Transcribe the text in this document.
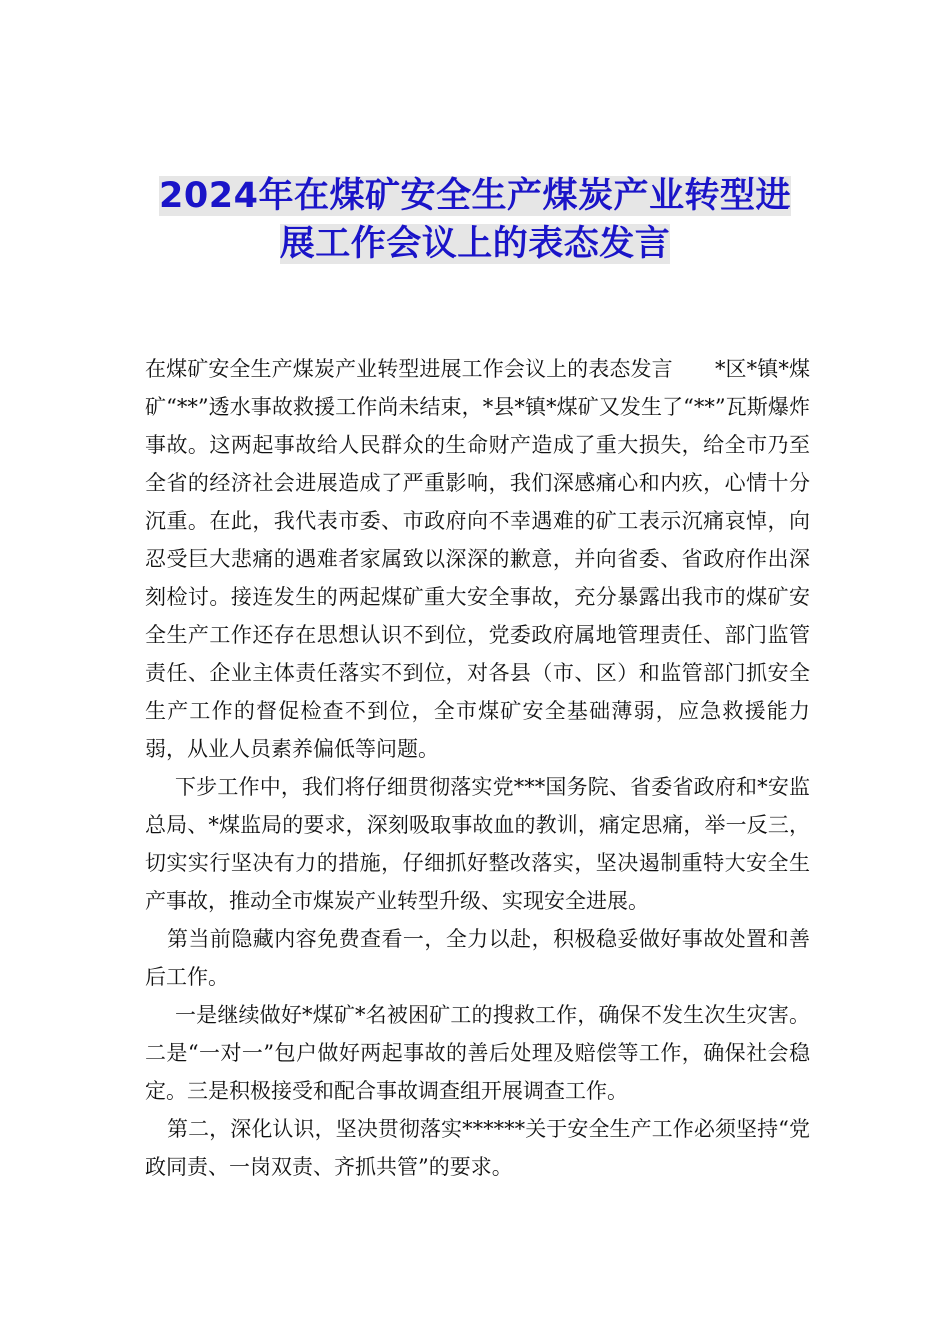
2024年在煤矿安全生产煤炭产业转型进
展工作会议上的表态发言

在煤矿安全生产煤炭产业转型进展工作会议上的表态发言　　*区*镇*煤矿“**”透水事故救援工作尚未结束，*县*镇*煤矿又发生了“**”瓦斯爆炸事故。这两起事故给人民群众的生命财产造成了重大损失，给全市乃至全省的经济社会进展造成了严重影响，我们深感痛心和内疚，心情十分沉重。在此，我代表市委、市政府向不幸遇难的矿工表示沉痛哀悼，向忍受巨大悲痛的遇难者家属致以深深的歉意，并向省委、省政府作出深刻检讨。接连发生的两起煤矿重大安全事故，充分暴露出我市的煤矿安全生产工作还存在思想认识不到位，党委政府属地管理责任、部门监管责任、企业主体责任落实不到位，对各县（市、区）和监管部门抓安全生产工作的督促检查不到位，全市煤矿安全基础薄弱，应急救援能力弱，从业人员素养偏低等问题。

下步工作中，我们将仔细贯彻落实党***国务院、省委省政府和*安监总局、*煤监局的要求，深刻吸取事故血的教训，痛定思痛，举一反三，切实实行坚决有力的措施，仔细抓好整改落实，坚决遏制重特大安全生产事故，推动全市煤炭产业转型升级、实现安全进展。

第当前隐藏内容免费查看一，全力以赴，积极稳妥做好事故处置和善后工作。

一是继续做好*煤矿*名被困矿工的搜救工作，确保不发生次生灾害。二是“一对一”包户做好两起事故的善后处理及赔偿等工作，确保社会稳定。三是积极接受和配合事故调查组开展调查工作。

第二，深化认识，坚决贯彻落实******关于安全生产工作必须坚持“党政同责、一岗双责、齐抓共管”的要求。
